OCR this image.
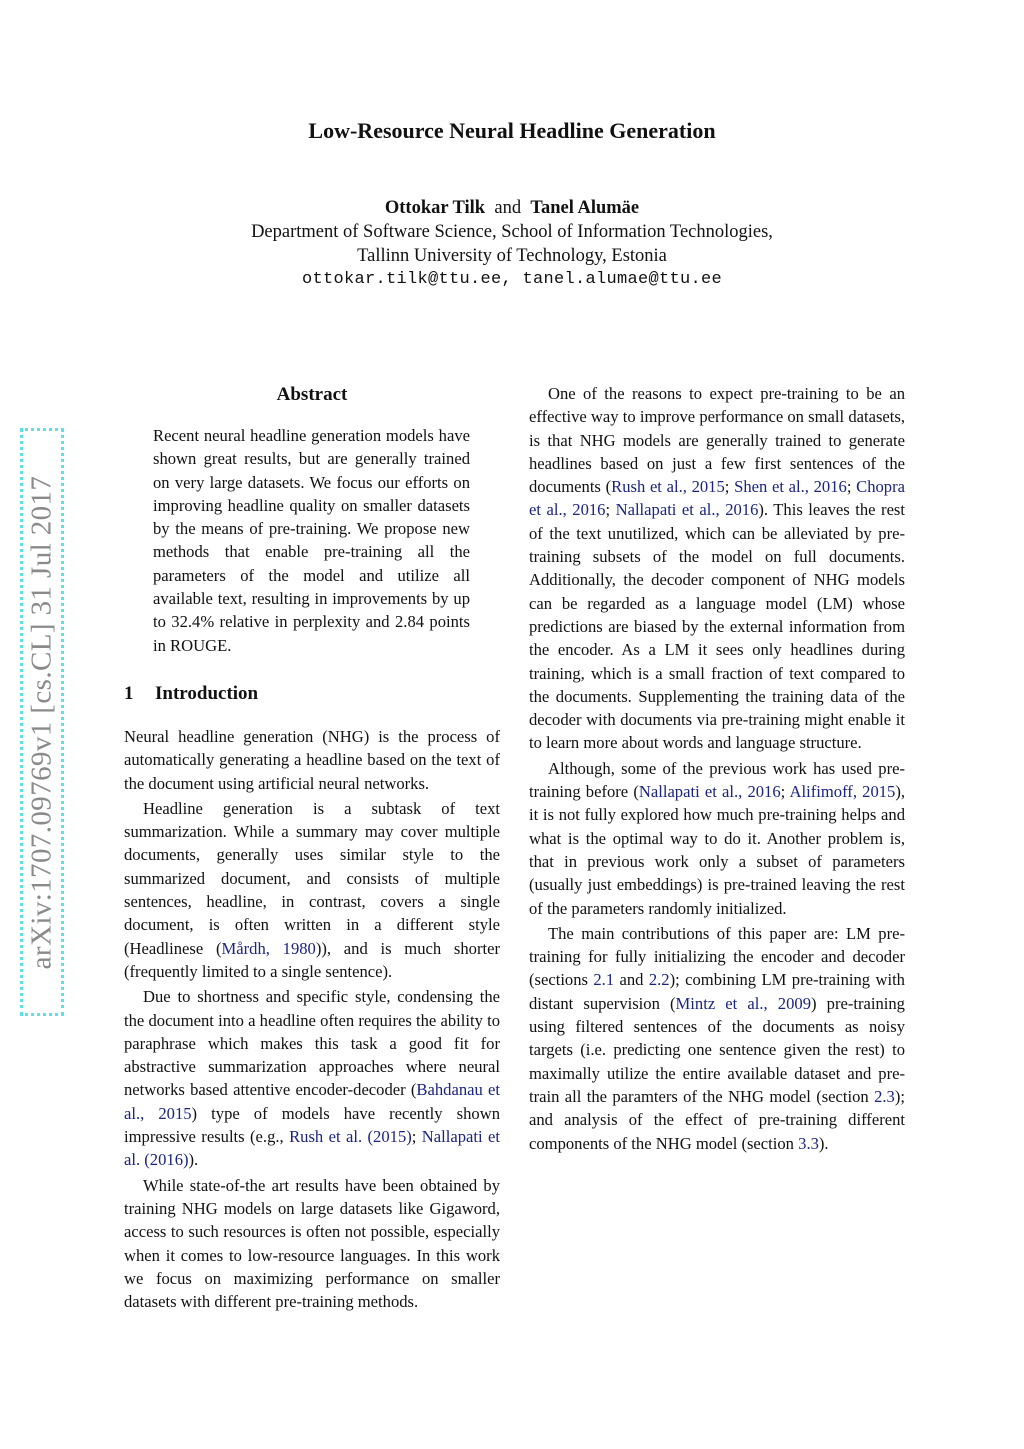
Low-Resource Neural Headline Generation
Ottokar Tilk and Tanel Alumäe
Department of Software Science, School of Information Technologies,
Tallinn University of Technology, Estonia
ottokar.tilk@ttu.ee, tanel.alumae@ttu.ee
arXiv:1707.09769v1 [cs.CL] 31 Jul 2017
Abstract
Recent neural headline generation models have shown great results, but are generally trained on very large datasets. We focus our efforts on improving headline quality on smaller datasets by the means of pre-training. We propose new methods that enable pre-training all the parameters of the model and utilize all available text, resulting in improvements by up to 32.4% relative in perplexity and 2.84 points in ROUGE.
1 Introduction

Neural headline generation (NHG) is the process of automatically generating a headline based on the text of the document using artificial neural networks.

Headline generation is a subtask of text summarization. While a summary may cover multiple documents, generally uses similar style to the summarized document, and consists of multiple sentences, headline, in contrast, covers a single document, is often written in a different style (Headlinese (Mårdh, 1980)), and is much shorter (frequently limited to a single sentence).

Due to shortness and specific style, condensing the the document into a headline often requires the ability to paraphrase which makes this task a good fit for abstractive summarization approaches where neural networks based attentive encoder-decoder (Bahdanau et al., 2015) type of models have recently shown impressive results (e.g., Rush et al. (2015); Nallapati et al. (2016)).

While state-of-the art results have been obtained by training NHG models on large datasets like Gigaword, access to such resources is often not possible, especially when it comes to low-resource languages. In this work we focus on maximizing performance on smaller datasets with different pre-training methods.

One of the reasons to expect pre-training to be an effective way to improve performance on small datasets, is that NHG models are generally trained to generate headlines based on just a few first sentences of the documents (Rush et al., 2015; Shen et al., 2016; Chopra et al., 2016; Nallapati et al., 2016). This leaves the rest of the text unutilized, which can be alleviated by pre-training subsets of the model on full documents. Additionally, the decoder component of NHG models can be regarded as a language model (LM) whose predictions are biased by the external information from the encoder. As a LM it sees only headlines during training, which is a small fraction of text compared to the documents. Supplementing the training data of the decoder with documents via pre-training might enable it to learn more about words and language structure.

Although, some of the previous work has used pre-training before (Nallapati et al., 2016; Alifimoff, 2015), it is not fully explored how much pre-training helps and what is the optimal way to do it. Another problem is, that in previous work only a subset of parameters (usually just embeddings) is pre-trained leaving the rest of the parameters randomly initialized.

The main contributions of this paper are: LM pre-training for fully initializing the encoder and decoder (sections 2.1 and 2.2); combining LM pre-training with distant supervision (Mintz et al., 2009) pre-training using filtered sentences of the documents as noisy targets (i.e. predicting one sentence given the rest) to maximally utilize the entire available dataset and pre-train all the paramters of the NHG model (section 2.3); and analysis of the effect of pre-training different components of the NHG model (section 3.3).
